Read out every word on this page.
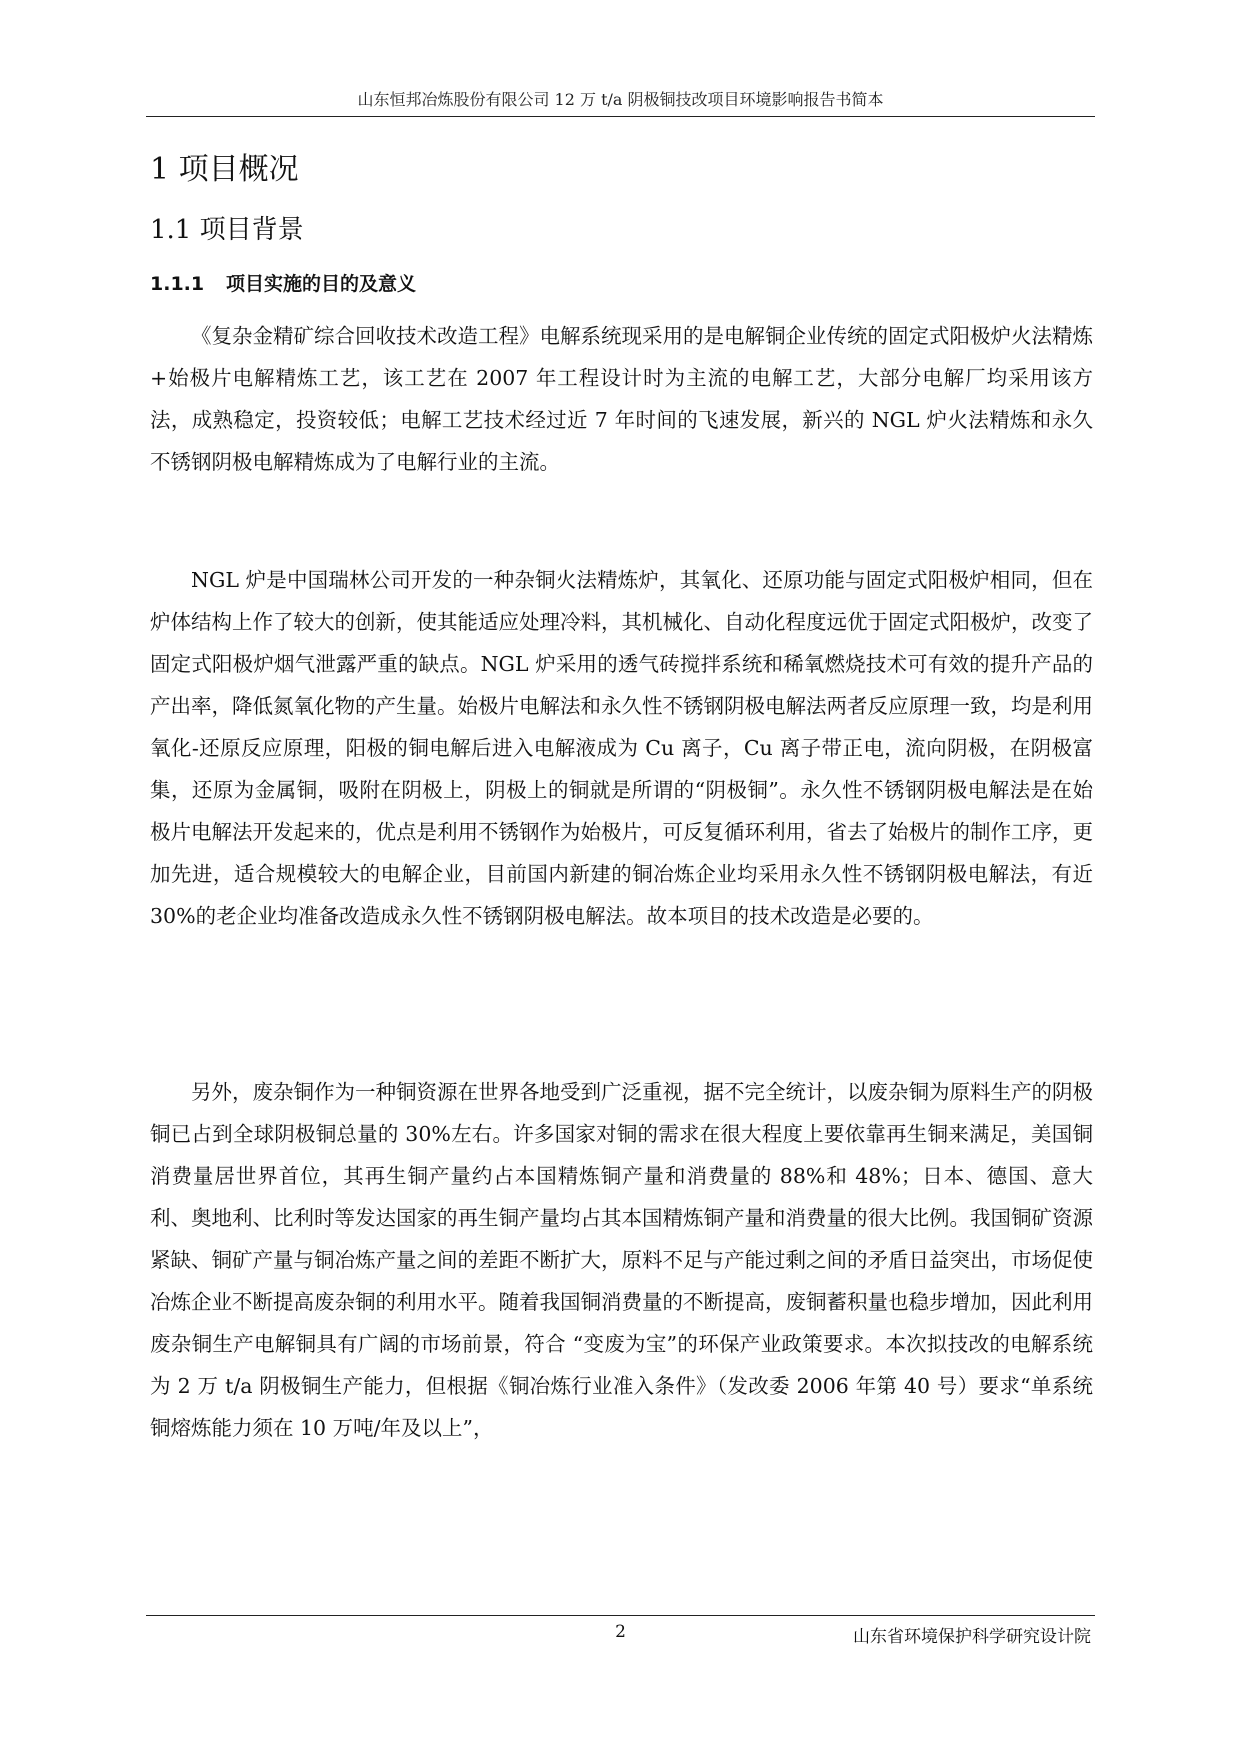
山东恒邦冶炼股份有限公司 12 万 t/a 阴极铜技改项目环境影响报告书简本
1 项目概况
1.1 项目背景
1.1.1 项目实施的目的及意义

《复杂金精矿综合回收技术改造工程》电解系统现采用的是电解铜企业传统的固定式阳极炉火法精炼+始极片电解精炼工艺，该工艺在 2007 年工程设计时为主流的电解工艺，大部分电解厂均采用该方法，成熟稳定，投资较低；电解工艺技术经过近 7 年时间的飞速发展，新兴的 NGL 炉火法精炼和永久不锈钢阴极电解精炼成为了电解行业的主流。

NGL 炉是中国瑞林公司开发的一种杂铜火法精炼炉，其氧化、还原功能与固定式阳极炉相同，但在炉体结构上作了较大的创新，使其能适应处理冷料，其机械化、自动化程度远优于固定式阳极炉，改变了固定式阳极炉烟气泄露严重的缺点。NGL 炉采用的透气砖搅拌系统和稀氧燃烧技术可有效的提升产品的产出率，降低氮氧化物的产生量。始极片电解法和永久性不锈钢阴极电解法两者反应原理一致，均是利用氧化-还原反应原理，阳极的铜电解后进入电解液成为 Cu 离子，Cu 离子带正电，流向阴极，在阴极富集，还原为金属铜，吸附在阴极上，阴极上的铜就是所谓的“阴极铜”。永久性不锈钢阴极电解法是在始极片电解法开发起来的，优点是利用不锈钢作为始极片，可反复循环利用，省去了始极片的制作工序，更加先进，适合规模较大的电解企业，目前国内新建的铜冶炼企业均采用永久性不锈钢阴极电解法，有近 30%的老企业均准备改造成永久性不锈钢阴极电解法。故本项目的技术改造是必要的。

另外，废杂铜作为一种铜资源在世界各地受到广泛重视，据不完全统计，以废杂铜为原料生产的阴极铜已占到全球阴极铜总量的 30%左右。许多国家对铜的需求在很大程度上要依靠再生铜来满足，美国铜消费量居世界首位，其再生铜产量约占本国精炼铜产量和消费量的 88%和 48%；日本、德国、意大利、奥地利、比利时等发达国家的再生铜产量均占其本国精炼铜产量和消费量的很大比例。我国铜矿资源紧缺、铜矿产量与铜冶炼产量之间的差距不断扩大，原料不足与产能过剩之间的矛盾日益突出，市场促使冶炼企业不断提高废杂铜的利用水平。随着我国铜消费量的不断提高，废铜蓄积量也稳步增加，因此利用废杂铜生产电解铜具有广阔的市场前景，符合 “变废为宝”的环保产业政策要求。本次拟技改的电解系统为 2 万 t/a 阴极铜生产能力，但根据《铜冶炼行业准入条件》（发改委 2006 年第 40 号）要求“单系统铜熔炼能力须在 10 万吨/年及以上”，

2	山东省环境保护科学研究设计院
